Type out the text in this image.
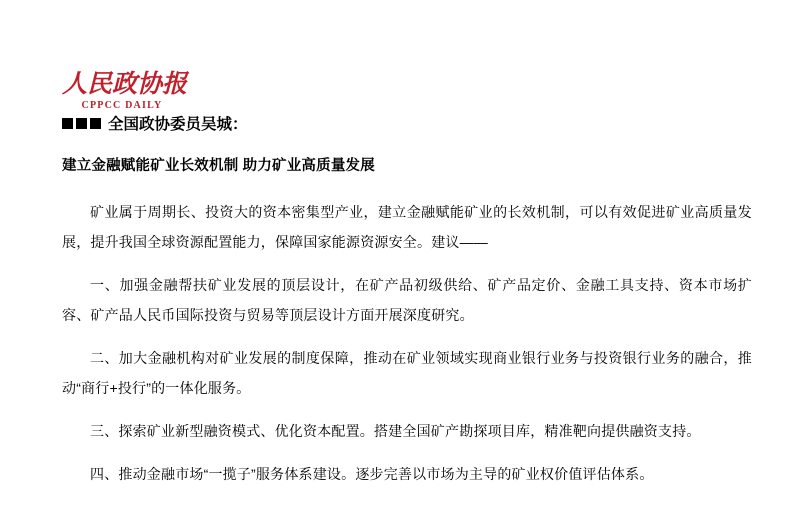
人民政协报
CPPCC DAILY
全国政协委员吴城：
建立金融赋能矿业长效机制 助力矿业高质量发展

矿业属于周期长、投资大的资本密集型产业，建立金融赋能矿业的长效机制，可以有效促进矿业高质量发展，提升我国全球资源配置能力，保障国家能源资源安全。建议——

一、加强金融帮扶矿业发展的顶层设计，在矿产品初级供给、矿产品定价、金融工具支持、资本市场扩容、矿产品人民币国际投资与贸易等顶层设计方面开展深度研究。

二、加大金融机构对矿业发展的制度保障，推动在矿业领域实现商业银行业务与投资银行业务的融合，推动“商行+投行”的一体化服务。

三、探索矿业新型融资模式、优化资本配置。搭建全国矿产勘探项目库，精准靶向提供融资支持。

四、推动金融市场“一揽子”服务体系建设。逐步完善以市场为主导的矿业权价值评估体系。
